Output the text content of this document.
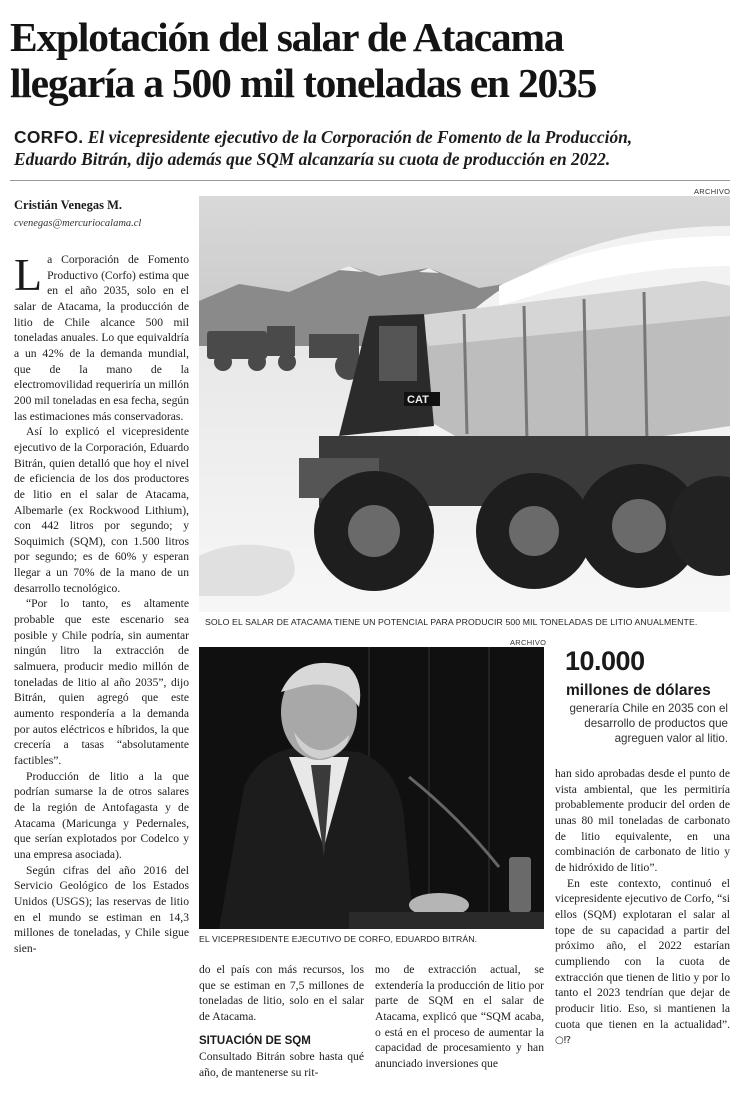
Explotación del salar de Atacama
llegaría a 500 mil toneladas en 2035
CORFO. El vicepresidente ejecutivo de la Corporación de Fomento de la Producción,
Eduardo Bitrán, dijo además que SQM alcanzaría su cuota de producción en 2022.
Cristián Venegas M.
cvenegas@mercuriocalama.cl
ARCHIVO
CAT
SOLO EL SALAR DE ATACAMA TIENE UN POTENCIAL PARA PRODUCIR 500 MIL TONELADAS DE LITIO ANUALMENTE.
ARCHIVO
EL VICEPRESIDENTE EJECUTIVO DE CORFO, EDUARDO BITRÁN.
10.000
millones de dólares
generaría Chile en 2035 con el desarrollo de productos que agreguen valor al litio.

La Corporación de Fomento Productivo (Corfo) estima que en el año 2035, solo en el salar de Atacama, la producción de litio de Chile alcance 500 mil toneladas anuales. Lo que equivaldría a un 42% de la demanda mundial, que de la mano de la electromovilidad requeriría un millón 200 mil toneladas en esa fecha, según las estimaciones más conservadoras.

Así lo explicó el vicepresidente ejecutivo de la Corporación, Eduardo Bitrán, quien detalló que hoy el nivel de eficiencia de los dos productores de litio en el salar de Atacama, Albemarle (ex Rockwood Lithium), con 442 litros por segundo; y Soquimich (SQM), con 1.500 litros por segundo; es de 60% y esperan llegar a un 70% de la mano de un desarrollo tecnológico.

“Por lo tanto, es altamente probable que este escenario sea posible y Chile podría, sin aumentar ningún litro la extracción de salmuera, producir medio millón de toneladas de litio al año 2035”, dijo Bitrán, quien agregó que este aumento respondería a la demanda por autos eléctricos e híbridos, la que crecería a tasas “absolutamente factibles”.

Producción de litio a la que podrían sumarse la de otros salares de la región de Antofagasta y de Atacama (Maricunga y Pedernales, que serían explotados por Codelco y una empresa asociada).

Según cifras del año 2016 del Servicio Geológico de los Estados Unidos (USGS); las reservas de litio en el mundo se estiman en 14,3 millones de toneladas, y Chile sigue sien-

do el país con más recursos, los que se estiman en 7,5 millones de toneladas de litio, solo en el salar de Atacama.

SITUACIÓN DE SQM

Consultado Bitrán sobre hasta qué año, de mantenerse su rit-

mo de extracción actual, se extendería la producción de litio por parte de SQM en el salar de Atacama, explicó que “SQM acaba, o está en el proceso de aumentar la capacidad de procesamiento y han anunciado inversiones que

han sido aprobadas desde el punto de vista ambiental, que les permitiría probablemente producir del orden de unas 80 mil toneladas de carbonato de litio equivalente, en una combinación de carbonato de litio y de hidróxido de litio”.

En este contexto, continuó el vicepresidente ejecutivo de Corfo, “si ellos (SQM) explotaran el salar al tope de su capacidad a partir del próximo año, el 2022 estarían cumpliendo con la cuota de extracción que tienen de litio y por lo tanto el 2023 tendrían que dejar de producir litio. Eso, si mantienen la cuota que tienen en la actualidad”. ○⁉
